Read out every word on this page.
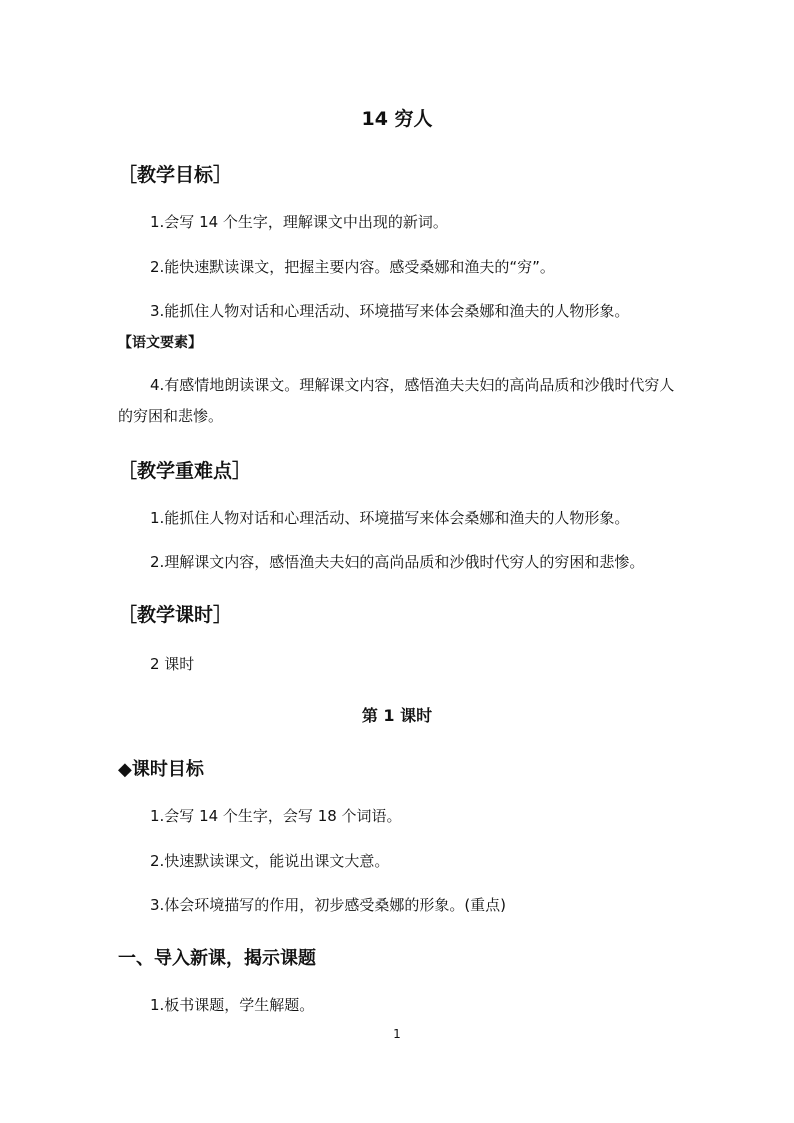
14 穷人
［教学目标］
1.会写 14 个生字，理解课文中出现的新词。
2.能快速默读课文，把握主要内容。感受桑娜和渔夫的“穷”。
3.能抓住人物对话和心理活动、环境描写来体会桑娜和渔夫的人物形象。
【语文要素】
4.有感情地朗读课文。理解课文内容，感悟渔夫夫妇的高尚品质和沙俄时代穷人的穷困和悲惨。
［教学重难点］
1.能抓住人物对话和心理活动、环境描写来体会桑娜和渔夫的人物形象。
2.理解课文内容，感悟渔夫夫妇的高尚品质和沙俄时代穷人的穷困和悲惨。
［教学课时］
2 课时
第 1 课时
◆课时目标
1.会写 14 个生字，会写 18 个词语。
2.快速默读课文，能说出课文大意。
3.体会环境描写的作用，初步感受桑娜的形象。(重点)
一、导入新课，揭示课题
1.板书课题，学生解题。
1
